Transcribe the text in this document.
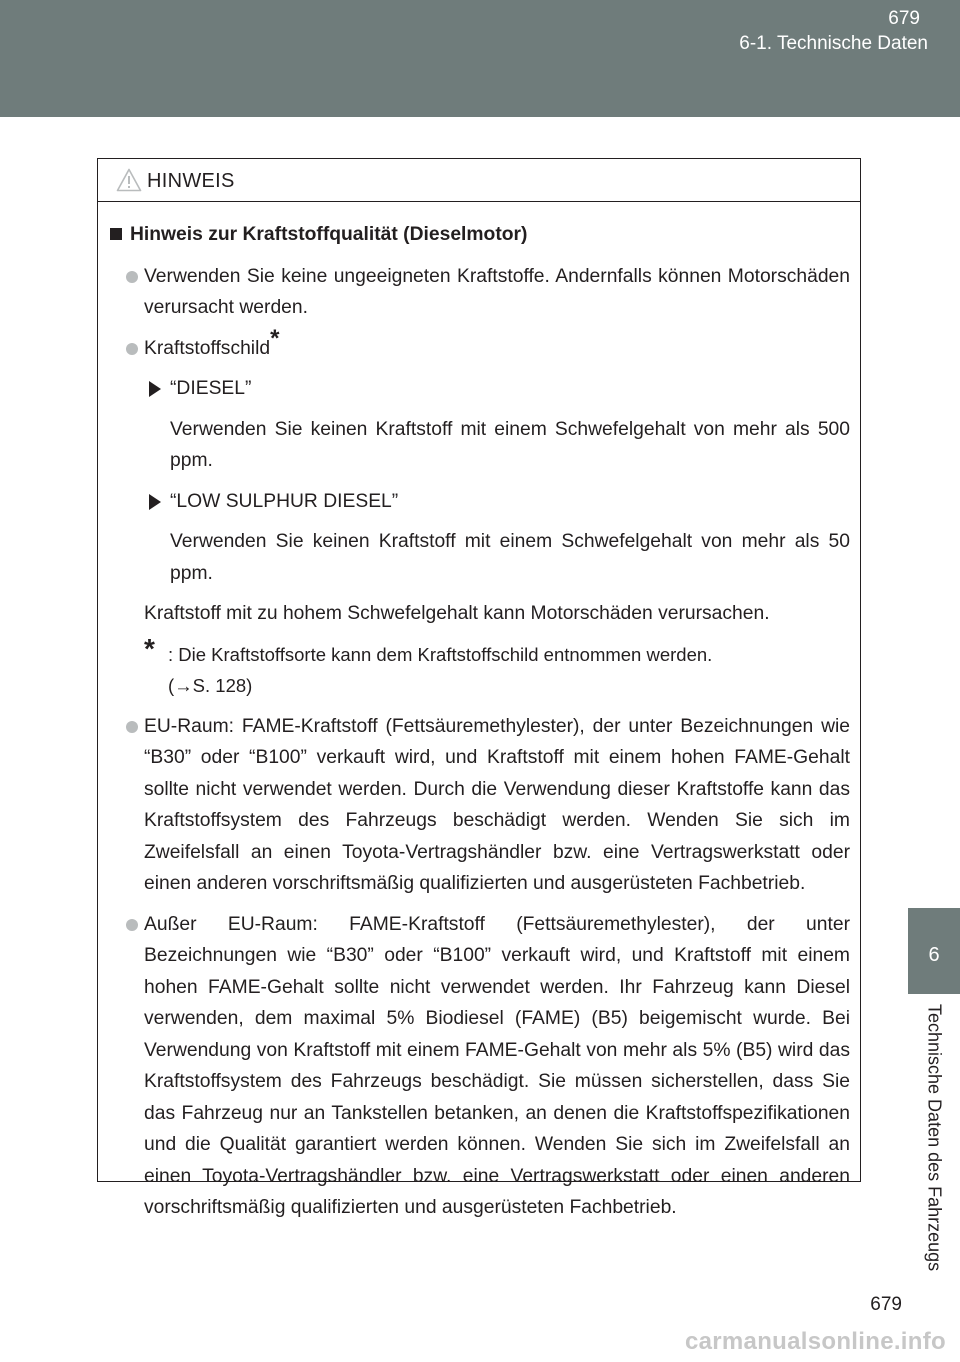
679
6-1. Technische Daten
6
Technische Daten des Fahrzeugs
HINWEIS

Hinweis zur Kraftstoffqualität (Dieselmotor)

Verwenden Sie keine ungeeigneten Kraftstoffe. Andernfalls können Motorschäden verursacht werden.

Kraftstoffschild*

“DIESEL”

Verwenden Sie keinen Kraftstoff mit einem Schwefelgehalt von mehr als 500 ppm.

“LOW SULPHUR DIESEL”

Verwenden Sie keinen Kraftstoff mit einem Schwefelgehalt von mehr als 50 ppm.

Kraftstoff mit zu hohem Schwefelgehalt kann Motorschäden verursachen.

* : Die Kraftstoffsorte kann dem Kraftstoffschild entnommen werden.
(→S. 128)

EU-Raum: FAME-Kraftstoff (Fettsäuremethylester), der unter Bezeichnungen wie “B30” oder “B100” verkauft wird, und Kraftstoff mit einem hohen FAME-Gehalt sollte nicht verwendet werden. Durch die Verwendung dieser Kraftstoffe kann das Kraftstoffsystem des Fahrzeugs beschädigt werden. Wenden Sie sich im Zweifelsfall an einen Toyota-Vertragshändler bzw. eine Vertragswerkstatt oder einen anderen vorschriftsmäßig qualifizierten und ausgerüsteten Fachbetrieb.

Außer EU-Raum: FAME-Kraftstoff (Fettsäuremethylester), der unter Bezeichnungen wie “B30” oder “B100” verkauft wird, und Kraftstoff mit einem hohen FAME-Gehalt sollte nicht verwendet werden. Ihr Fahrzeug kann Diesel verwenden, dem maximal 5% Biodiesel (FAME) (B5) beigemischt wurde. Bei Verwendung von Kraftstoff mit einem FAME-Gehalt von mehr als 5% (B5) wird das Kraftstoffsystem des Fahrzeugs beschädigt. Sie müssen sicherstellen, dass Sie das Fahrzeug nur an Tankstellen betanken, an denen die Kraftstoffspezifikationen und die Qualität garantiert werden können. Wenden Sie sich im Zweifelsfall an einen Toyota-Vertragshändler bzw. eine Vertragswerkstatt oder einen anderen vorschriftsmäßig qualifizierten und ausgerüsteten Fachbetrieb.

679
carmanualsonline.info
